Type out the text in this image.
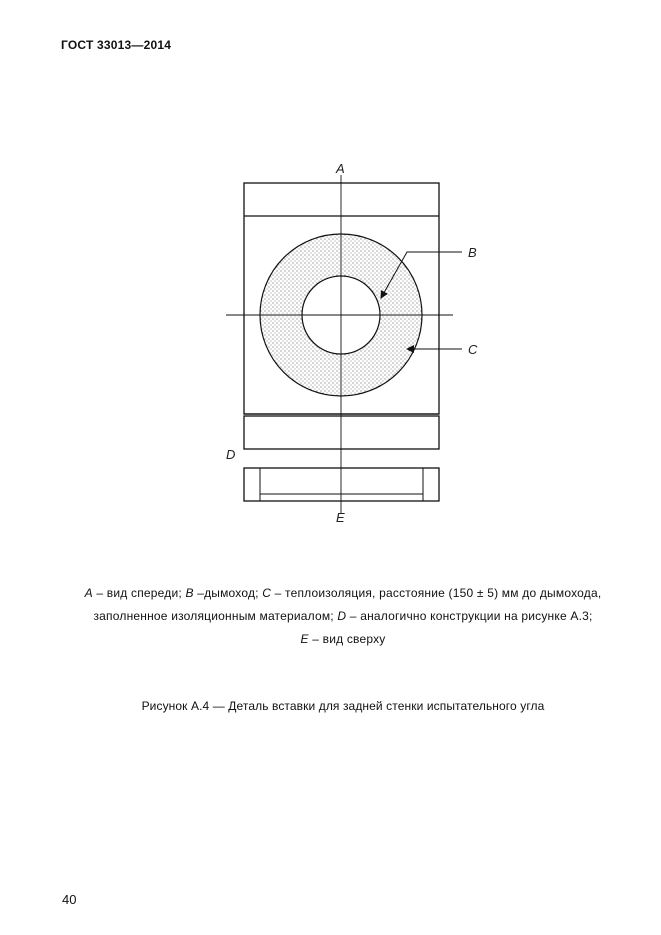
ГОСТ 33013—2014
A
B
C
D
E
A – вид спереди; B –дымоход; C – теплоизоляция, расстояние (150 ± 5) мм до дымохода,
заполненное изоляционным материалом; D – аналогично конструкции на рисунке А.3;
E – вид сверху
Рисунок А.4 — Деталь вставки для задней стенки испытательного угла
40
